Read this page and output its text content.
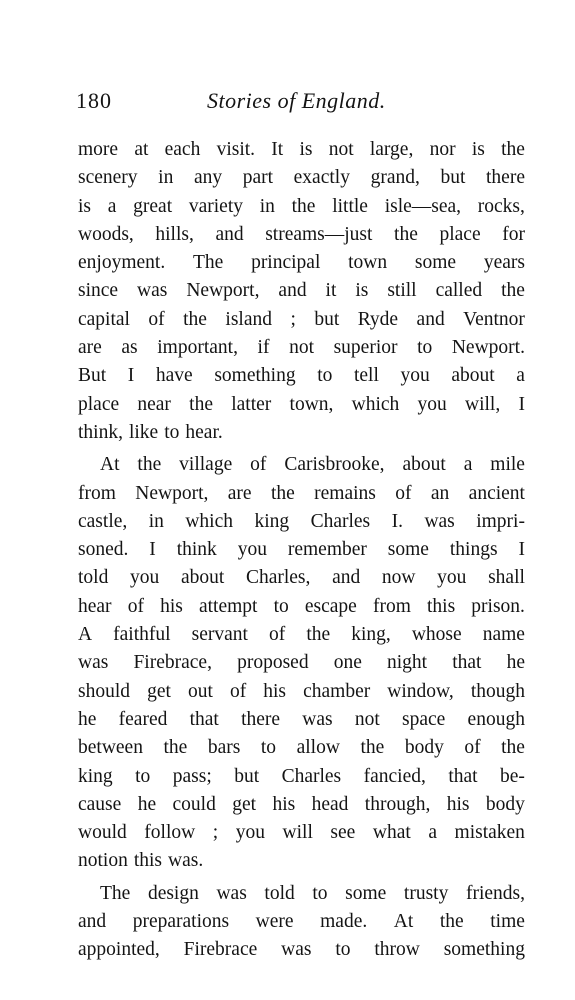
180	Stories of England.
more at each visit. It is not large, nor is the
scenery in any part exactly grand, but there
is a great variety in the little isle—sea, rocks,
woods, hills, and streams—just the place for
enjoyment. The principal town some years
since was Newport, and it is still called the
capital of the island ; but Ryde and Ventnor
are as important, if not superior to Newport.
But I have something to tell you about a
place near the latter town, which you will, I
think, like to hear.
At the village of Carisbrooke, about a mile
from Newport, are the remains of an ancient
castle, in which king Charles I. was impri-
soned. I think you remember some things I
told you about Charles, and now you shall
hear of his attempt to escape from this prison.
A faithful servant of the king, whose name
was Firebrace, proposed one night that he
should get out of his chamber window, though
he feared that there was not space enough
between the bars to allow the body of the
king to pass; but Charles fancied, that be-
cause he could get his head through, his body
would follow ; you will see what a mistaken
notion this was.
The design was told to some trusty friends,
and preparations were made. At the time
appointed, Firebrace was to throw something
